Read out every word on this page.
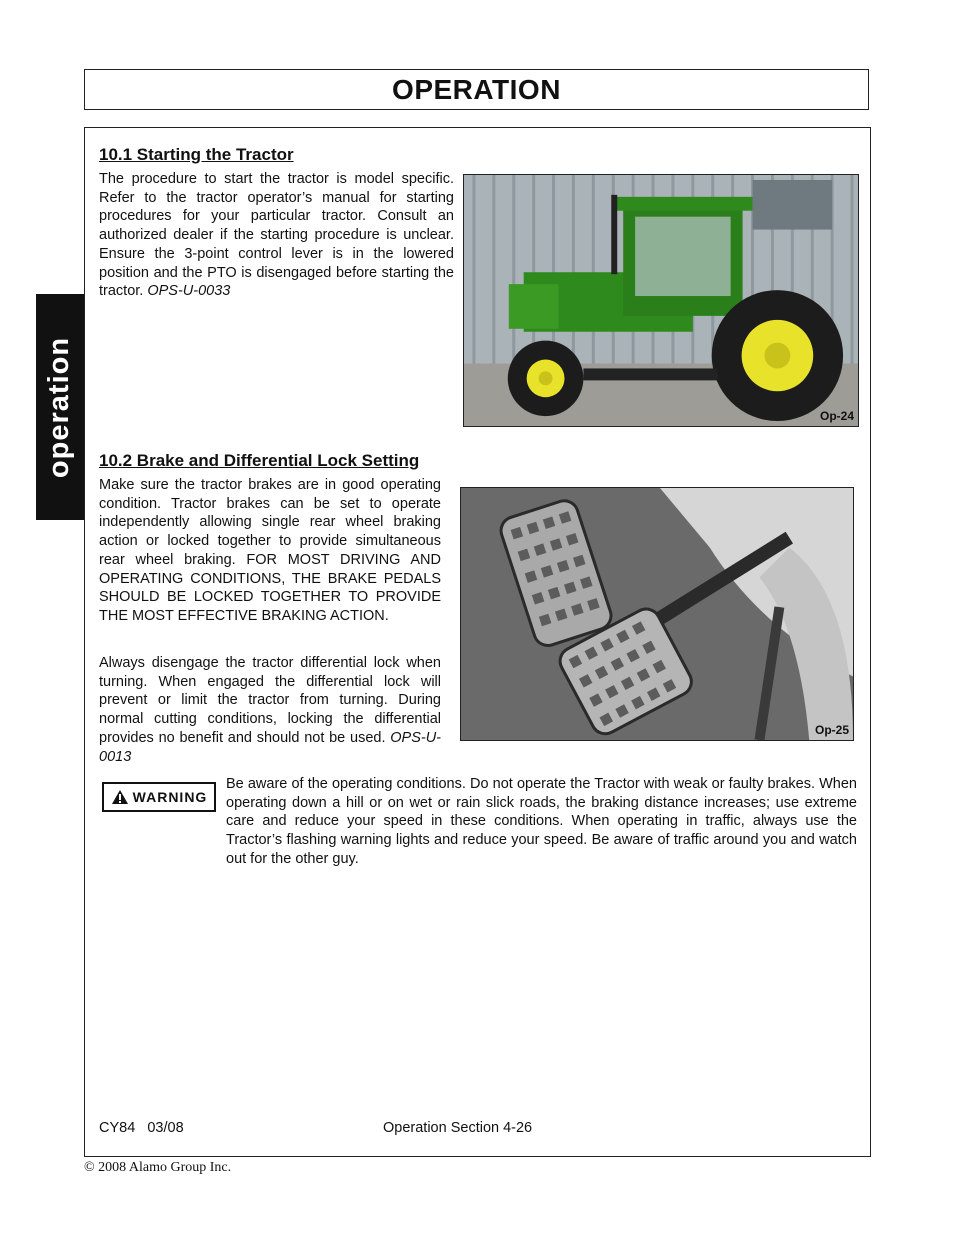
OPERATION
operation
10.1 Starting the Tractor

The procedure to start the tractor is model specific. Refer to the tractor operator’s manual for starting procedures for your particular tractor. Consult an authorized dealer if the starting procedure is unclear. Ensure the 3-point control lever is in the lowered position and the PTO is disengaged before starting the tractor. OPS-U-0033

Op-24
10.2 Brake and Differential Lock Setting

Make sure the tractor brakes are in good operating condition. Tractor brakes can be set to operate independently allowing single rear wheel braking action or locked together to provide simultaneous rear wheel braking. FOR MOST DRIVING AND OPERATING CONDITIONS, THE BRAKE PEDALS SHOULD BE LOCKED TOGETHER TO PROVIDE THE MOST EFFECTIVE BRAKING ACTION.

Always disengage the tractor differential lock when turning. When engaged the differential lock will prevent or limit the tractor from turning. During normal cutting conditions, locking the differential provides no benefit and should not be used. OPS-U- 0013

Op-25
WARNING

Be aware of the operating conditions. Do not operate the Tractor with weak or faulty brakes. When operating down a hill or on wet or rain slick roads, the braking distance increases; use extreme care and reduce your speed in these conditions. When operating in traffic, always use the Tractor’s flashing warning lights and reduce your speed. Be aware of traffic around you and watch out for the other guy.

CY84   03/08	Operation Section 4-26
© 2008 Alamo Group Inc.
